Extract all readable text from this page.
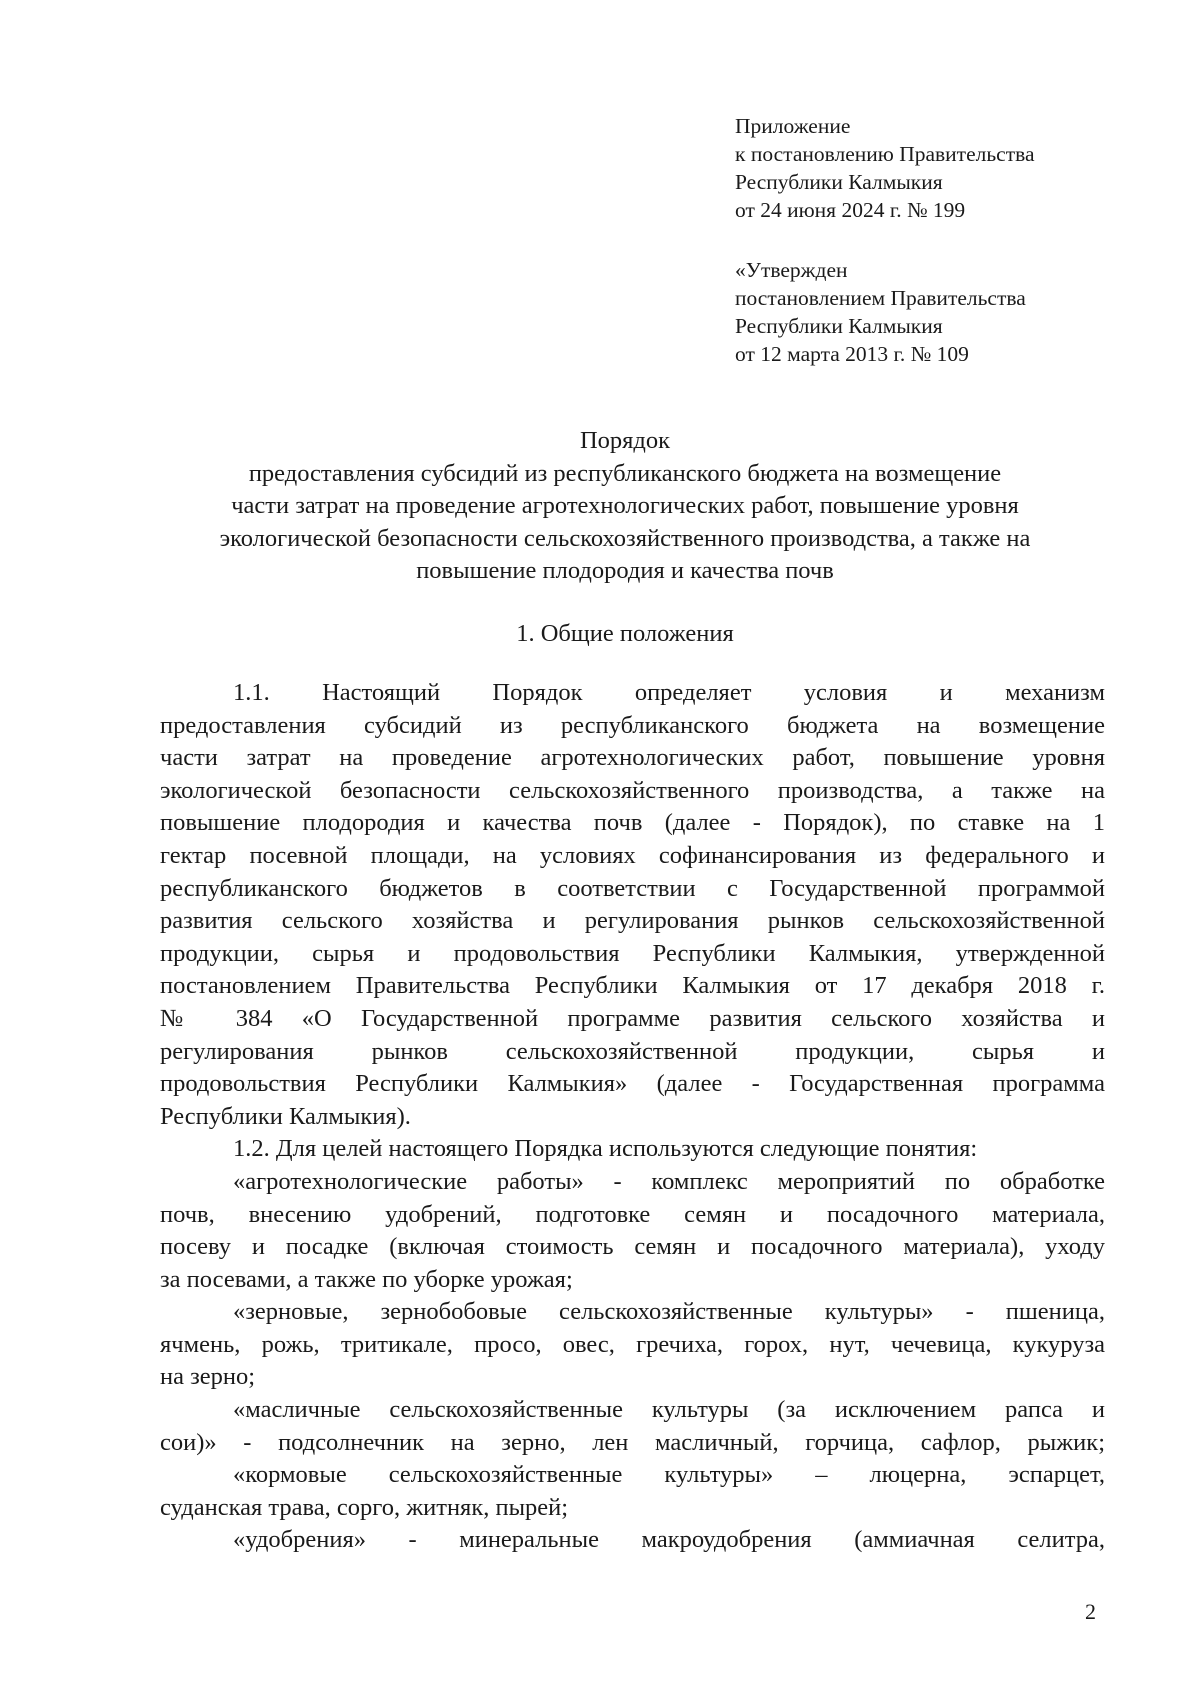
Приложение
к постановлению Правительства
Республики Калмыкия
от 24 июня 2024 г. № 199
«Утвержден
постановлением Правительства
Республики Калмыкия
от 12 марта 2013 г. № 109
Порядок
предоставления субсидий из республиканского бюджета на возмещение
части затрат на проведение агротехнологических работ, повышение уровня
экологической безопасности сельскохозяйственного производства, а также на
повышение плодородия и качества почв
1. Общие положения
1.1. Настоящий Порядок определяет условия и механизм
предоставления субсидий из республиканского бюджета на возмещение
части затрат на проведение агротехнологических работ, повышение уровня
экологической безопасности сельскохозяйственного производства, а также на
повышение плодородия и качества почв (далее - Порядок), по ставке на 1
гектар посевной площади, на условиях софинансирования из федерального и
республиканского бюджетов в соответствии с Государственной программой
развития сельского хозяйства и регулирования рынков сельскохозяйственной
продукции, сырья и продовольствия Республики Калмыкия, утвержденной
постановлением Правительства Республики Калмыкия от 17 декабря 2018 г.
№ 384 «О Государственной программе развития сельского хозяйства и
регулирования рынков сельскохозяйственной продукции, сырья и
продовольствия Республики Калмыкия» (далее - Государственная программа
Республики Калмыкия).
1.2. Для целей настоящего Порядка используются следующие понятия:
«агротехнологические работы» - комплекс мероприятий по обработке
почв, внесению удобрений, подготовке семян и посадочного материала,
посеву и посадке (включая стоимость семян и посадочного материала), уходу
за посевами, а также по уборке урожая;
«зерновые, зернобобовые сельскохозяйственные культуры» - пшеница,
ячмень, рожь, тритикале, просо, овес, гречиха, горох, нут, чечевица, кукуруза
на зерно;
«масличные сельскохозяйственные культуры (за исключением рапса и
сои)» - подсолнечник на зерно, лен масличный, горчица, сафлор, рыжик;
«кормовые сельскохозяйственные культуры» – люцерна, эспарцет,
суданская трава, сорго, житняк, пырей;
«удобрения» - минеральные макроудобрения (аммиачная селитра,
2
